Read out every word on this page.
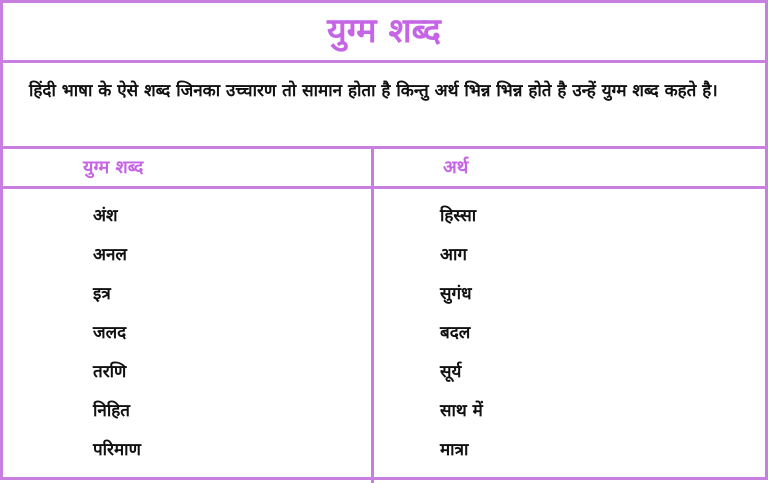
युग्म शब्द
हिंदी भाषा के ऐसे शब्द जिनका उच्चारण तो सामान होता है किन्तु अर्थ भिन्न भिन्न होते है उन्हें युग्म शब्द कहते है।
युग्म शब्द	अर्थ
अंश	हिस्सा
अनल	आग
इत्र	सुगंध
जलद	बदल
तरणि	सूर्य
निहित	साथ में
परिमाण	मात्रा
